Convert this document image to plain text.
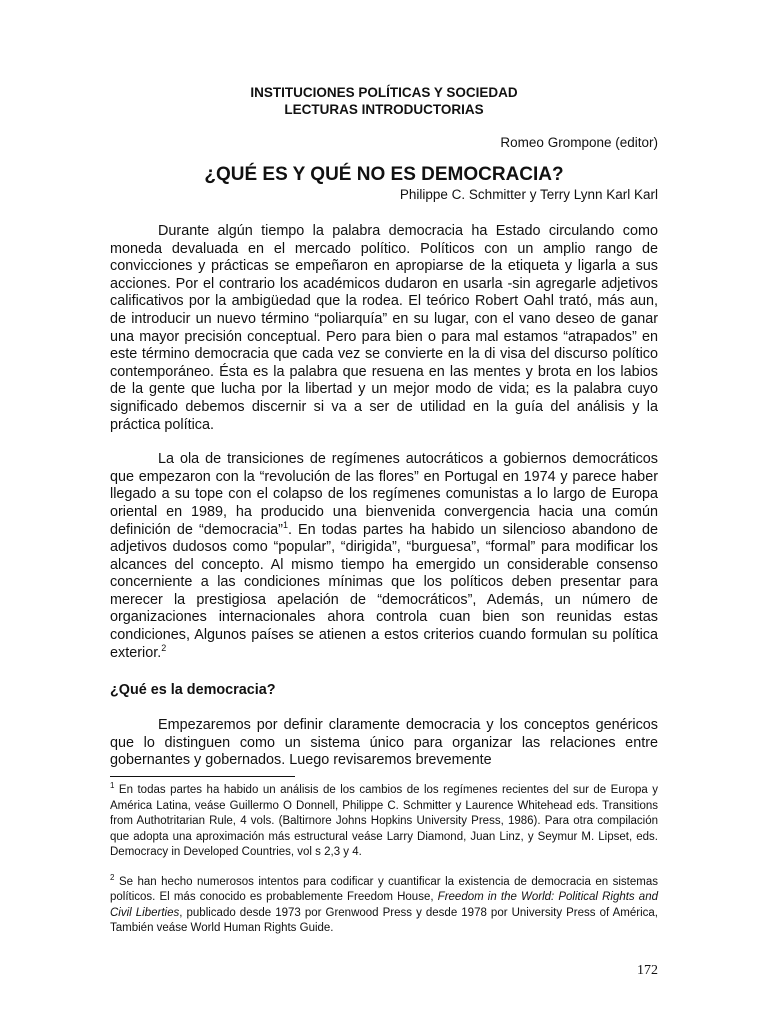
INSTITUCIONES POLÍTICAS Y SOCIEDAD
LECTURAS INTRODUCTORIAS
Romeo Grompone (editor)
¿QUÉ ES Y QUÉ NO ES DEMOCRACIA?
Philippe C. Schmitter y Terry Lynn Karl Karl

Durante algún tiempo la palabra democracia ha Estado circulando como moneda devaluada en el mercado político. Políticos con un amplio rango de convicciones y prácticas se empeñaron en apropiarse de la etiqueta y ligarla a sus acciones. Por el contrario los académicos dudaron en usarla -sin agregarle adjetivos calificativos por la ambigüedad que la rodea. El teórico Robert Oahl trató, más aun, de introducir un nuevo término “poliarquía” en su lugar, con el vano deseo de ganar una mayor precisión conceptual. Pero para bien o para mal estamos “atrapados” en este término democracia que cada vez se convierte en la di visa del discurso político contemporáneo. Ésta es la palabra que resuena en las mentes y brota en los labios de la gente que lucha por la libertad y un mejor modo de vida; es la palabra cuyo significado debemos discernir si va a ser de utilidad en la guía del análisis y la práctica política.

La ola de transiciones de regímenes autocráticos a gobiernos democráticos que empezaron con la “revolución de las flores” en Portugal en 1974 y parece haber llegado a su tope con el colapso de los regímenes comunistas a lo largo de Europa oriental en 1989, ha producido una bienvenida convergencia hacia una común definición de “democracia”$^1$. En todas partes ha habido un silencioso abandono de adjetivos dudosos como “popular”, “dirigida”, “burguesa”, “formal” para modificar los alcances del concepto. Al mismo tiempo ha emergido un considerable consenso concerniente a las condiciones mínimas que los políticos deben presentar para merecer la prestigiosa apelación de “democráticos”, Además, un número de organizaciones internacionales ahora controla cuan bien son reunidas estas condiciones, Algunos países se atienen a estos criterios cuando formulan su política exterior.$^2$

¿Qué es la democracia?

Empezaremos por definir claramente democracia y los conceptos genéricos que lo distinguen como un sistema único para organizar las relaciones entre gobernantes y gobernados. Luego revisaremos brevemente

$^1$ En todas partes ha habido un análisis de los cambios de los regímenes recientes del sur de Europa y América Latina, veáse Guillermo O Donnell, Philippe C. Schmitter y Laurence Whitehead eds. Transitions from Authotritarian Rule, 4 vols. (Baltirnore Johns Hopkins University Press, 1986). Para otra compilación que adopta una aproximación más estructural veáse Larry Diamond, Juan Linz, y Seymur M. Lipset, eds. Democracy in Developed Countries, vol s 2,3 y 4.

$^2$ Se han hecho numerosos intentos para codificar y cuantificar la existencia de democracia en sistemas políticos. El más conocido es probablemente Freedom House, Freedom in the World: Political Rights and Civil Liberties, publicado desde 1973 por Grenwood Press y desde 1978 por University Press of América, También veáse World Human Rights Guide.

172
